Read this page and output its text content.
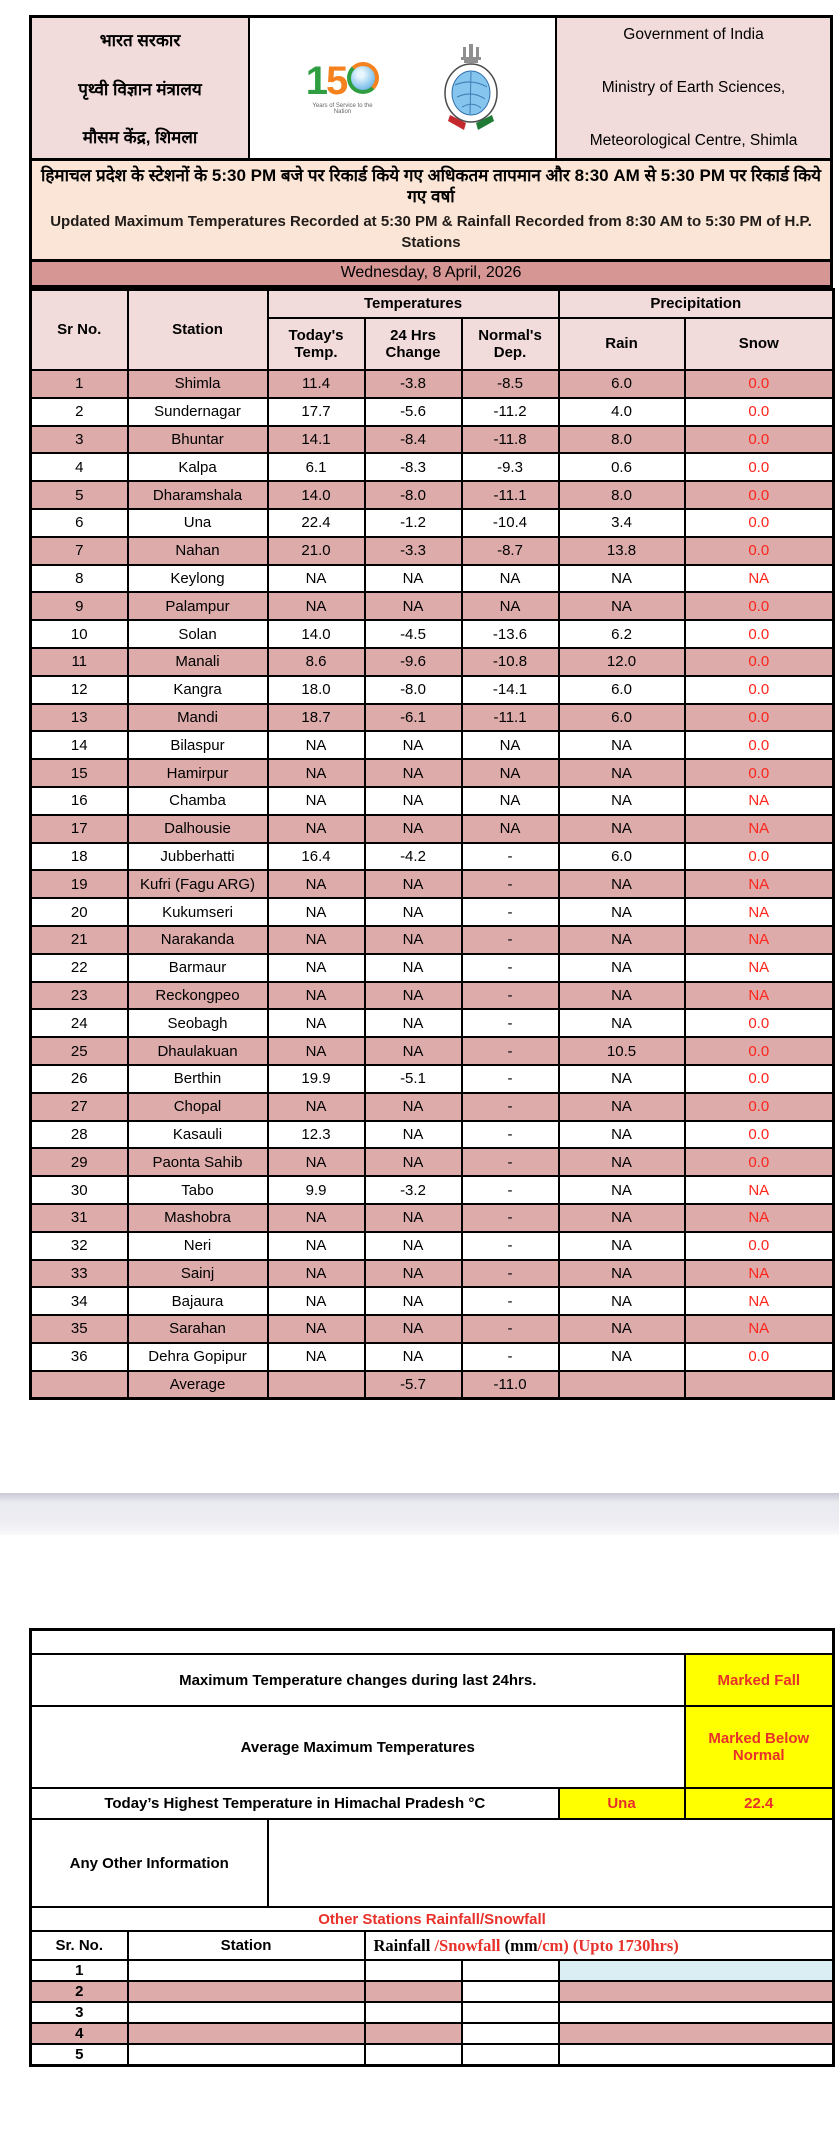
भारत सरकार
पृथ्वी विज्ञान मंत्रालय
मौसम केंद्र, शिमला
15
Years of Service to the Nation
Government of India
Ministry of Earth Sciences,
Meteorological Centre, Shimla
हिमाचल प्रदेश के स्टेशनों के 5:30 PM बजे पर रिकार्ड किये गए अधिकतम तापमान और 8:30 AM से 5:30 PM पर रिकार्ड किये गए वर्षा
Updated Maximum Temperatures Recorded at 5:30 PM & Rainfall Recorded from 8:30 AM to 5:30 PM of H.P. Stations
Wednesday, 8 April, 2026
Sr No.	Station	Temperatures			Precipitation	
		Today's Temp.	24 Hrs Change	Normal's Dep.	Rain	Snow
1	Shimla	11.4	-3.8	-8.5	6.0	0.0
2	Sundernagar	17.7	-5.6	-11.2	4.0	0.0
3	Bhuntar	14.1	-8.4	-11.8	8.0	0.0
4	Kalpa	6.1	-8.3	-9.3	0.6	0.0
5	Dharamshala	14.0	-8.0	-11.1	8.0	0.0
6	Una	22.4	-1.2	-10.4	3.4	0.0
7	Nahan	21.0	-3.3	-8.7	13.8	0.0
8	Keylong	NA	NA	NA	NA	NA
9	Palampur	NA	NA	NA	NA	0.0
10	Solan	14.0	-4.5	-13.6	6.2	0.0
11	Manali	8.6	-9.6	-10.8	12.0	0.0
12	Kangra	18.0	-8.0	-14.1	6.0	0.0
13	Mandi	18.7	-6.1	-11.1	6.0	0.0
14	Bilaspur	NA	NA	NA	NA	0.0
15	Hamirpur	NA	NA	NA	NA	0.0
16	Chamba	NA	NA	NA	NA	NA
17	Dalhousie	NA	NA	NA	NA	NA
18	Jubberhatti	16.4	-4.2	-	6.0	0.0
19	Kufri (Fagu ARG)	NA	NA	-	NA	NA
20	Kukumseri	NA	NA	-	NA	NA
21	Narakanda	NA	NA	-	NA	NA
22	Barmaur	NA	NA	-	NA	NA
23	Reckongpeo	NA	NA	-	NA	NA
24	Seobagh	NA	NA	-	NA	0.0
25	Dhaulakuan	NA	NA	-	10.5	0.0
26	Berthin	19.9	-5.1	-	NA	0.0
27	Chopal	NA	NA	-	NA	0.0
28	Kasauli	12.3	NA	-	NA	0.0
29	Paonta Sahib	NA	NA	-	NA	0.0
30	Tabo	9.9	-3.2	-	NA	NA
31	Mashobra	NA	NA	-	NA	NA
32	Neri	NA	NA	-	NA	0.0
33	Sainj	NA	NA	-	NA	NA
34	Bajaura	NA	NA	-	NA	NA
35	Sarahan	NA	NA	-	NA	NA
36	Dehra Gopipur	NA	NA	-	NA	0.0
	Average		-5.7	-11.0		

Maximum Temperature changes during last 24hrs.						Marked Fall
Average Maximum Temperatures						Marked Below Normal
Today’s Highest Temperature in Himachal Pradesh °C					Una	22.4
Any Other Information						
Other Stations Rainfall/Snowfall						
Sr. No.	Station		Rainfall /Snowfall (mm/cm) (Upto 1730hrs)			
1						
2						
3						
4						
5						
